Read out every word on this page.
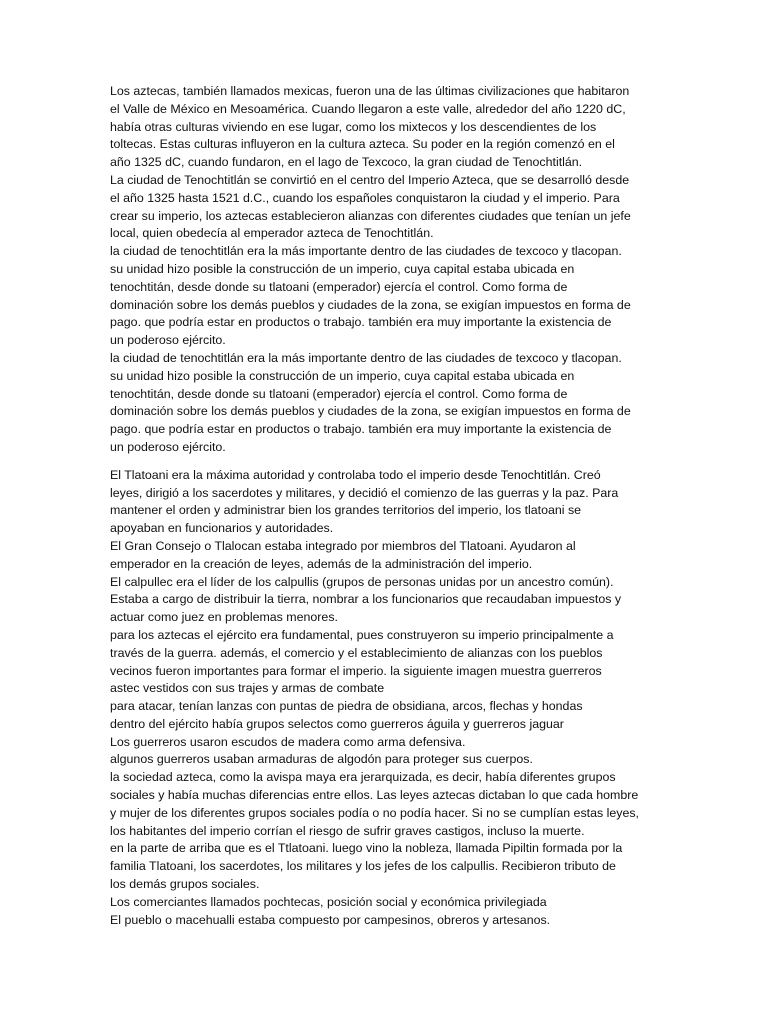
Los aztecas, también llamados mexicas, fueron una de las últimas civilizaciones que habitaron
el Valle de México en Mesoamérica. Cuando llegaron a este valle, alrededor del año 1220 dC,
había otras culturas viviendo en ese lugar, como los mixtecos y los descendientes de los
toltecas. Estas culturas influyeron en la cultura azteca. Su poder en la región comenzó en el
año 1325 dC, cuando fundaron, en el lago de Texcoco, la gran ciudad de Tenochtitlán.

La ciudad de Tenochtitlán se convirtió en el centro del Imperio Azteca, que se desarrolló desde
el año 1325 hasta 1521 d.C., cuando los españoles conquistaron la ciudad y el imperio. Para
crear su imperio, los aztecas establecieron alianzas con diferentes ciudades que tenían un jefe
local, quien obedecía al emperador azteca de Tenochtitlán.

la ciudad de tenochtitlán era la más importante dentro de las ciudades de texcoco y tlacopan.
su unidad hizo posible la construcción de un imperio, cuya capital estaba ubicada en
tenochtitán, desde donde su tlatoani (emperador) ejercía el control. Como forma de
dominación sobre los demás pueblos y ciudades de la zona, se exigían impuestos en forma de
pago. que podría estar en productos o trabajo. también era muy importante la existencia de
un poderoso ejército.

la ciudad de tenochtitlán era la más importante dentro de las ciudades de texcoco y tlacopan.
su unidad hizo posible la construcción de un imperio, cuya capital estaba ubicada en
tenochtitán, desde donde su tlatoani (emperador) ejercía el control. Como forma de
dominación sobre los demás pueblos y ciudades de la zona, se exigían impuestos en forma de
pago. que podría estar en productos o trabajo. también era muy importante la existencia de
un poderoso ejército.

El Tlatoani era la máxima autoridad y controlaba todo el imperio desde Tenochtitlán. Creó
leyes, dirigió a los sacerdotes y militares, y decidió el comienzo de las guerras y la paz. Para
mantener el orden y administrar bien los grandes territorios del imperio, los tlatoani se
apoyaban en funcionarios y autoridades.

El Gran Consejo o Tlalocan estaba integrado por miembros del Tlatoani. Ayudaron al
emperador en la creación de leyes, además de la administración del imperio.

El calpullec era el líder de los calpullis (grupos de personas unidas por un ancestro común).
Estaba a cargo de distribuir la tierra, nombrar a los funcionarios que recaudaban impuestos y
actuar como juez en problemas menores.

para los aztecas el ejército era fundamental, pues construyeron su imperio principalmente a
través de la guerra. además, el comercio y el establecimiento de alianzas con los pueblos
vecinos fueron importantes para formar el imperio. la siguiente imagen muestra guerreros
astec vestidos con sus trajes y armas de combate

para atacar, tenían lanzas con puntas de piedra de obsidiana, arcos, flechas y hondas
dentro del ejército había grupos selectos como guerreros águila y guerreros jaguar

Los guerreros usaron escudos de madera como arma defensiva.

algunos guerreros usaban armaduras de algodón para proteger sus cuerpos.

la sociedad azteca, como la avispa maya era jerarquizada, es decir, había diferentes grupos
sociales y había muchas diferencias entre ellos. Las leyes aztecas dictaban lo que cada hombre
y mujer de los diferentes grupos sociales podía o no podía hacer. Si no se cumplían estas leyes,
los habitantes del imperio corrían el riesgo de sufrir graves castigos, incluso la muerte.

en la parte de arriba que es el Ttlatoani. luego vino la nobleza, llamada Pipiltin formada por la
familia Tlatoani, los sacerdotes, los militares y los jefes de los calpullis. Recibieron tributo de
los demás grupos sociales.

Los comerciantes llamados pochtecas, posición social y económica privilegiada

El pueblo o macehualli estaba compuesto por campesinos, obreros y artesanos.
